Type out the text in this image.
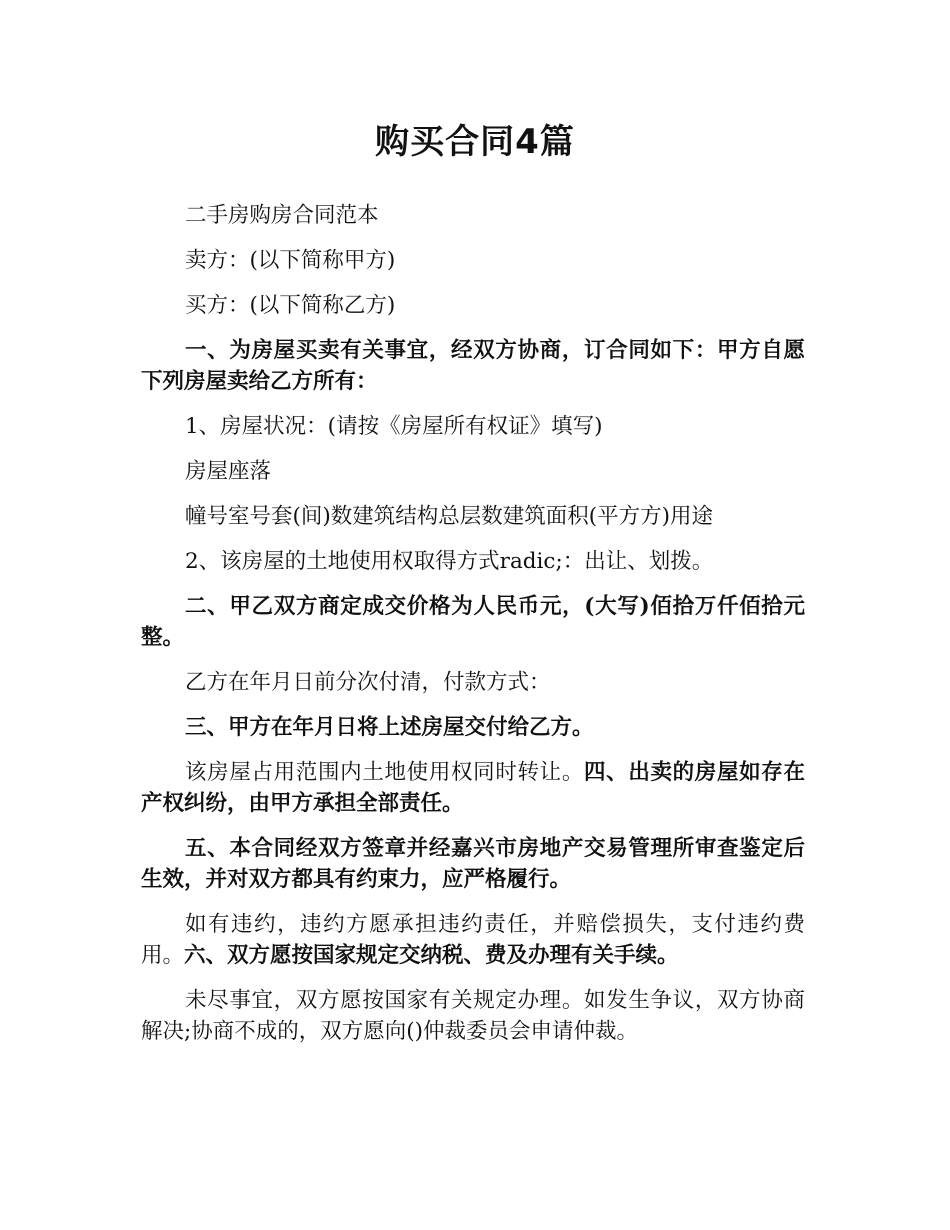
购买合同4篇

二手房购房合同范本

卖方：(以下简称甲方)

买方：(以下简称乙方)

一、为房屋买卖有关事宜，经双方协商，订合同如下：甲方自愿下列房屋卖给乙方所有：

1、房屋状况：(请按《房屋所有权证》填写)

房屋座落

幢号室号套(间)数建筑结构总层数建筑面积(平方方)用途

2、该房屋的土地使用权取得方式radic;：出让、划拨。

二、甲乙双方商定成交价格为人民币元，(大写)佰拾万仟佰拾元整。

乙方在年月日前分次付清，付款方式：

三、甲方在年月日将上述房屋交付给乙方。

该房屋占用范围内土地使用权同时转让。四、出卖的房屋如存在产权纠纷，由甲方承担全部责任。

五、本合同经双方签章并经嘉兴市房地产交易管理所审查鉴定后生效，并对双方都具有约束力，应严格履行。

如有违约，违约方愿承担违约责任，并赔偿损失，支付违约费用。六、双方愿按国家规定交纳税、费及办理有关手续。

未尽事宜，双方愿按国家有关规定办理。如发生争议，双方协商解决;协商不成的，双方愿向()仲裁委员会申请仲裁。
